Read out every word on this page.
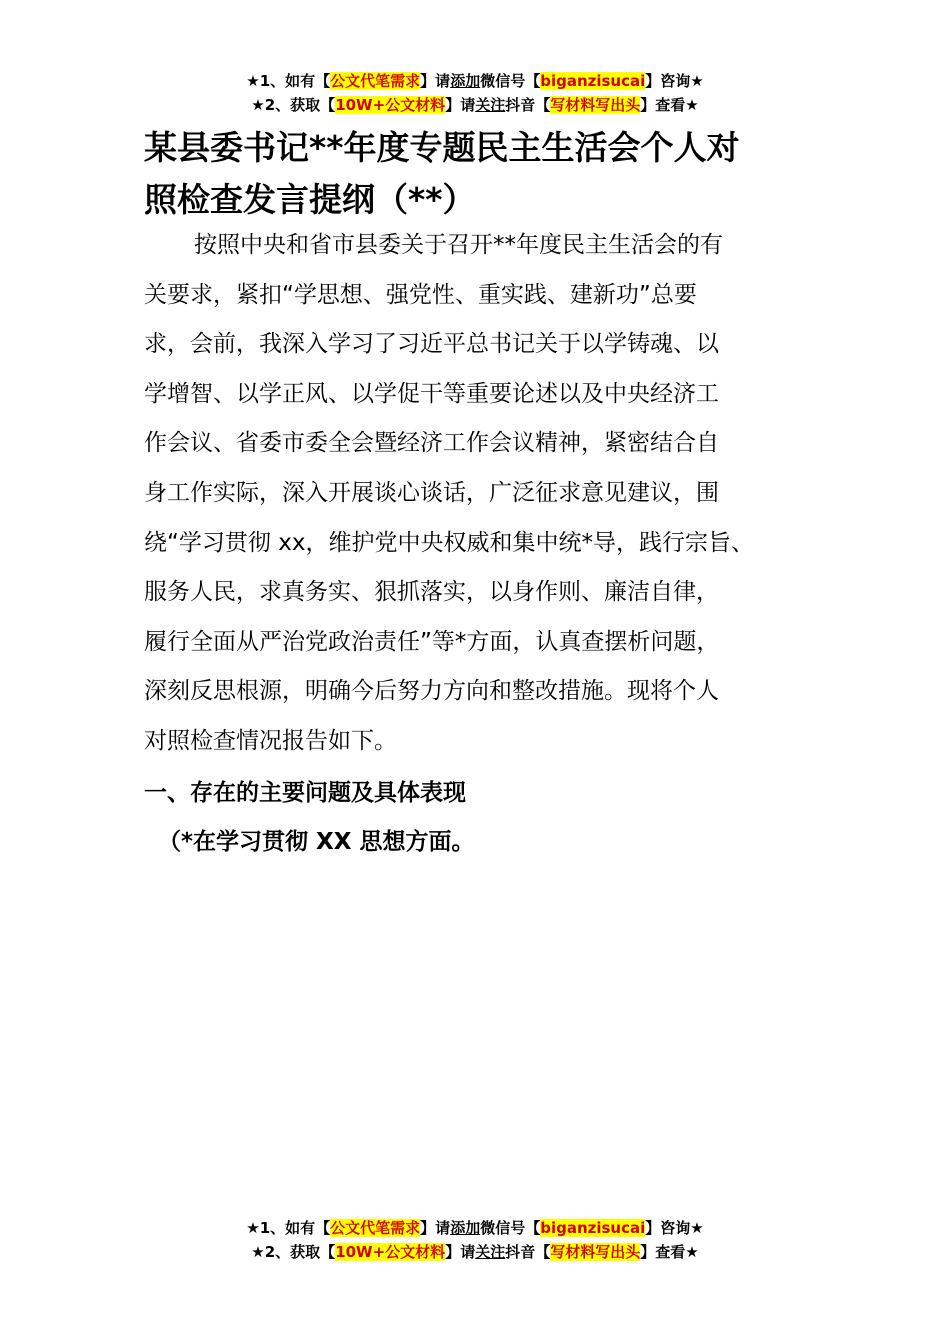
★1、如有【公文代笔需求】请添加微信号【biganzisucai】咨询★
★2、获取【10W+公文材料】请关注抖音【写材料写出头】查看★
某县委书记**年度专题民主生活会个人对
照检查发言提纲（**）
按照中央和省市县委关于召开**年度民主生活会的有
关要求，紧扣“学思想、强党性、重实践、建新功”总要
求，会前，我深入学习了习近平总书记关于以学铸魂、以
学增智、以学正风、以学促干等重要论述以及中央经济工
作会议、省委市委全会暨经济工作会议精神，紧密结合自
身工作实际，深入开展谈心谈话，广泛征求意见建议，围
绕“学习贯彻 xx，维护党中央权威和集中统*导，践行宗旨、
服务人民，求真务实、狠抓落实，以身作则、廉洁自律，
履行全面从严治党政治责任”等*方面，认真查摆析问题，
深刻反思根源，明确今后努力方向和整改措施。现将个人
对照检查情况报告如下。
一、存在的主要问题及具体表现
（*在学习贯彻 XX 思想方面。
★1、如有【公文代笔需求】请添加微信号【biganzisucai】咨询★
★2、获取【10W+公文材料】请关注抖音【写材料写出头】查看★
